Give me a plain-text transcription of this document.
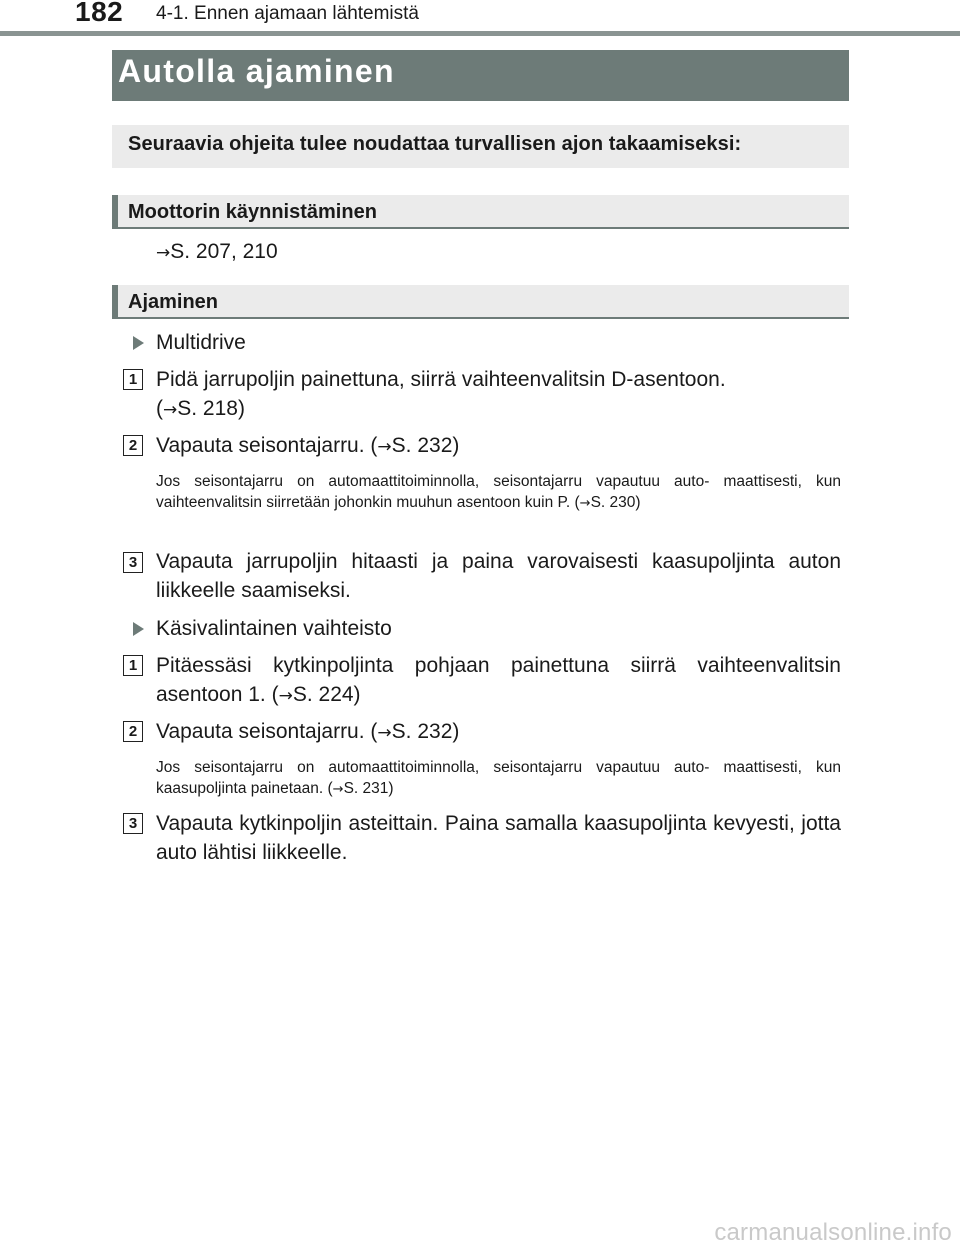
182 4-1. Ennen ajamaan lähtemistä
Autolla ajaminen
Seuraavia ohjeita tulee noudattaa turvallisen ajon takaamiseksi:
Moottorin käynnistäminen
→S. 207, 210
Ajaminen
Multidrive
1 Pidä jarrupoljin painettuna, siirrä vaihteenvalitsin D-asentoon.
(→S. 218)
2 Vapauta seisontajarru. (→S. 232)
Jos seisontajarru on automaattitoiminnolla, seisontajarru vapautuu auto- maattisesti, kun vaihteenvalitsin siirretään johonkin muuhun asentoon kuin P. (→S. 230)
3 Vapauta jarrupoljin hitaasti ja paina varovaisesti kaasupoljinta auton liikkeelle saamiseksi.
Käsivalintainen vaihteisto
1 Pitäessäsi kytkinpoljinta pohjaan painettuna siirrä vaihteenvalitsin asentoon 1. (→S. 224)
2 Vapauta seisontajarru. (→S. 232)
Jos seisontajarru on automaattitoiminnolla, seisontajarru vapautuu auto- maattisesti, kun kaasupoljinta painetaan. (→S. 231)
3 Vapauta kytkinpoljin asteittain. Paina samalla kaasupoljinta kevyesti, jotta auto lähtisi liikkeelle.
carmanualsonline.info
